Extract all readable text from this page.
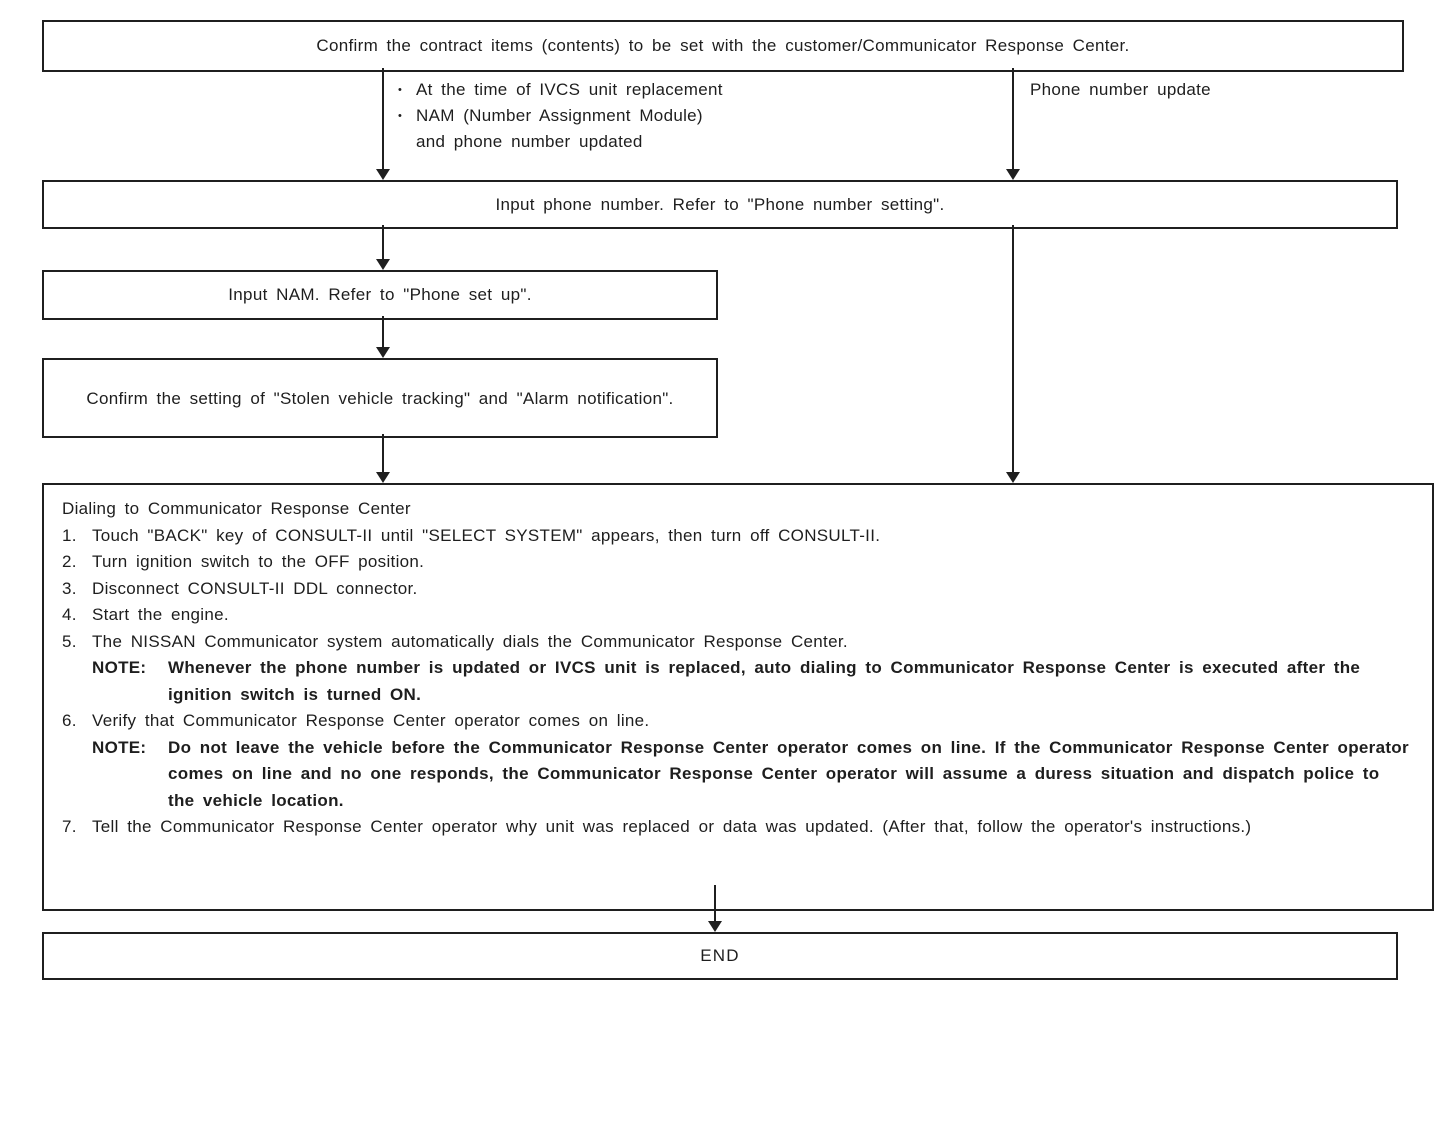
Confirm the contract items (contents) to be set with the customer/Communicator Response Center.
• At the time of IVCS unit replacement
• NAM (Number Assignment Module)
and phone number updated
Phone number update
Input phone number. Refer to "Phone number setting".
Input NAM. Refer to "Phone set up".
Confirm the setting of "Stolen vehicle tracking" and "Alarm notification".
Dialing to Communicator Response Center
1. Touch "BACK" key of CONSULT-II until "SELECT SYSTEM" appears, then turn off CONSULT-II.
2. Turn ignition switch to the OFF position.
3. Disconnect CONSULT-II DDL connector.
4. Start the engine.
5. The NISSAN Communicator system automatically dials the Communicator Response Center.
NOTE:	Whenever the phone number is updated or IVCS unit is replaced, auto dialing to Communicator Response Center is executed after the ignition switch is turned ON.
6. Verify that Communicator Response Center operator comes on line.
NOTE:	Do not leave the vehicle before the Communicator Response Center operator comes on line. If the Communicator Response Center operator comes on line and no one responds, the Communicator Response Center operator will assume a duress situation and dispatch police to the vehicle location.
7. Tell the Communicator Response Center operator why unit was replaced or data was updated. (After that, follow the operator's instructions.)
END
